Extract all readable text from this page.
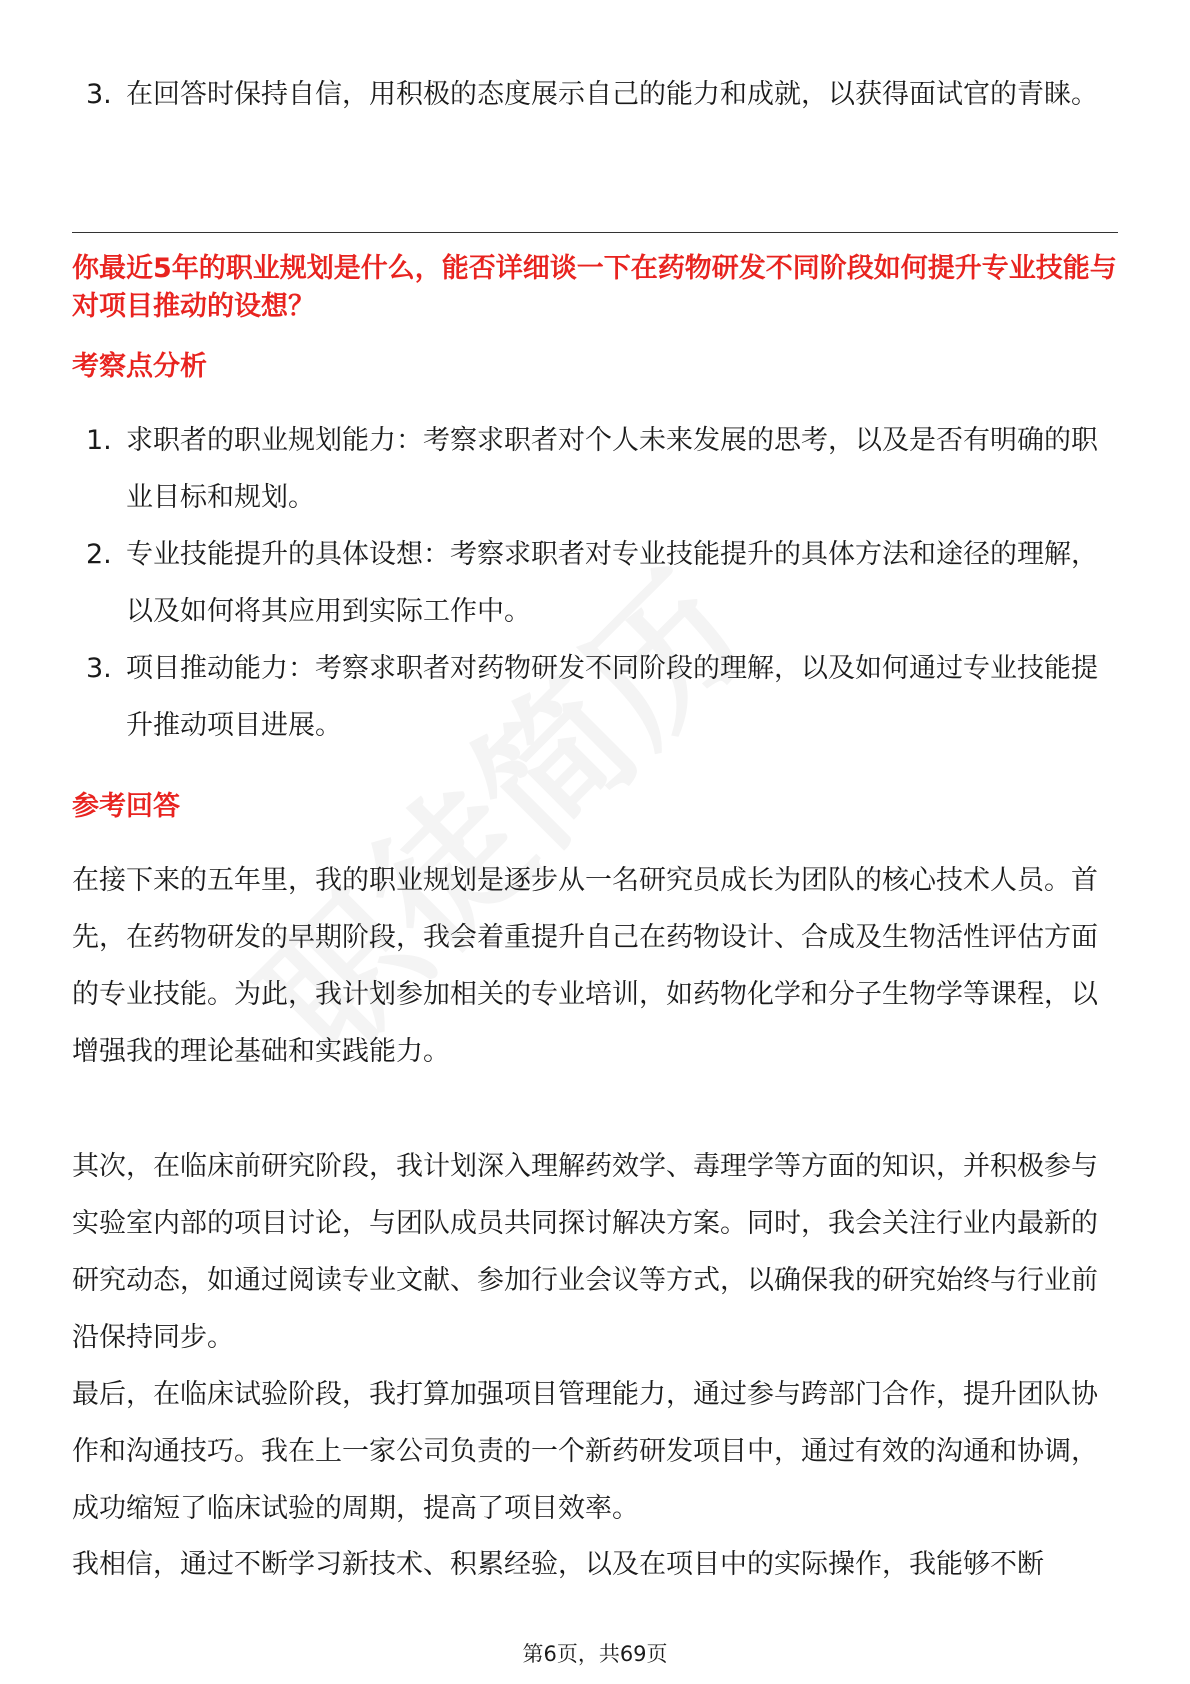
3. 在回答时保持自信，用积极的态度展示自己的能力和成就，以获得面试官的青睐。
你最近5年的职业规划是什么，能否详细谈一下在药物研发不同阶段如何提升专业技能与对项目推动的设想？
考察点分析
1. 求职者的职业规划能力：考察求职者对个人未来发展的思考，以及是否有明确的职业目标和规划。
2. 专业技能提升的具体设想：考察求职者对专业技能提升的具体方法和途径的理解，以及如何将其应用到实际工作中。
3. 项目推动能力：考察求职者对药物研发不同阶段的理解，以及如何通过专业技能提升推动项目进展。
参考回答

在接下来的五年里，我的职业规划是逐步从一名研究员成长为团队的核心技术人员。首先，在药物研发的早期阶段，我会着重提升自己在药物设计、合成及生物活性评估方面的专业技能。为此，我计划参加相关的专业培训，如药物化学和分子生物学等课程，以增强我的理论基础和实践能力。

其次，在临床前研究阶段，我计划深入理解药效学、毒理学等方面的知识，并积极参与实验室内部的项目讨论，与团队成员共同探讨解决方案。同时，我会关注行业内最新的研究动态，如通过阅读专业文献、参加行业会议等方式，以确保我的研究始终与行业前沿保持同步。

最后，在临床试验阶段，我打算加强项目管理能力，通过参与跨部门合作，提升团队协作和沟通技巧。我在上一家公司负责的一个新药研发项目中，通过有效的沟通和协调，成功缩短了临床试验的周期，提高了项目效率。

我相信，通过不断学习新技术、积累经验，以及在项目中的实际操作，我能够不断

第6页，共69页
